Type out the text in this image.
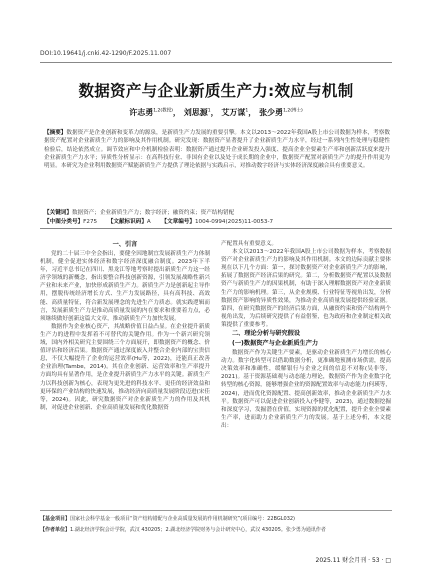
DOI:10.19641/j.cnki.42-1290/F.2025.11.007
数据资产与企业新质生产力:效应与机制
许志勇$^{1,2(教授)}$， 刘思源$^1$， 艾万谋$^1$， 张少勇$^{1,2(博士)}$
【摘要】数据资产是企业创新和变革力的源泉，是新质生产力发展的重要引擎。本文以2013～2022年我国A股上市公司数据为样本，考察数据资产配置对企业新质生产力的影响及其作用机制。研究发现：数据资产显著提升了企业新质生产力水平，经过一系列内生性处理与稳健性检验后，结论依然成立。调节效应和中介机制检验表明：数据资产通过提升企业研发投入强度、提高企业全要素生产率和创新活跃度来提升企业新质生产力水平；异质性分析显示：在高科技行业、非国有企业以及处于成长期的企业中，数据资产配置对新质生产力的提升作用更为明显。本研究为企业利用数据资产赋能新质生产力提供了理论依据与实践启示，对推动数字经济与实体经济深度融合具有重要意义。
【关键词】数据资产；企业新质生产力；数字经济；融资约束；资产结构错配
【中图分类号】F275 【文献标识码】A 【文章编号】1004-0994(2025)11-0053-7
一、引言

党的二十届三中全会指出，要健全因地制宜发展新质生产力体制机制，健全促进实体经济和数字经济深度融合制度。2023年下半年，习近平总书记在四川、黑龙江等地考察时提出新质生产力这一经济学领域的新概念，指出要整合科技创新资源，引领发展战略性新兴产业和未来产业，加快形成新质生产力。新质生产力是创新起主导作用，摆脱传统经济增长方式、生产力发展路径，具有高科技、高效能、高质量特征，符合新发展理念的先进生产力质态。就实践逻辑而言，发展新质生产力是推动高质量发展的内在要求和重要着力点，必须继续做好创新这篇大文章，推动新质生产力加快发展。

数据作为企业核心资产，其战略价值日益凸显。在企业提升新质生产力的进程中发挥着不可替代的关键作用。作为一个新兴研究领域，国内外相关研究主要围绕三个方面展开，即数据资产的概念、价值评估和经济后果。数据资产通过深度嵌入并整合企业内部的宝贵信息，不仅大幅提升了企业的运营效率(Hu等，2022)，还能真正改善企业治理(Tambe，2014)。其在企业创新、运营效率和生产率提升方面均具有显著作用，是企业提升新质生产力水平的关键。新质生产力以科技创新为核心，表现为更先进的科技水平、更佳的经济效益和更环保的产业结构的快速发展，推动经济向高质量发展阶段迈进(宋佳等，2024)。因此，研究数据资产对企业新质生产力的作用及其机制，对促进企业创新、企业高质量发展和优化数据资

产配置具有重要意义。

本文以2013～2022年我国A股上市公司数据为样本，考察数据资产对企业新质生产力的影响及其作用机制。本文的边际贡献主要体现在以下几个方面：第一，探讨数据资产对企业新质生产力的影响，拓展了数据资产经济后果的研究。第二，分析数据资产配置以及数据资产与新质生产力的因果机制，有助于深入理解数据资产对企业新质生产力的影响机理。第三，从企业规模、行业特征等视角出发，分析数据资产影响的异质性效果，为推动企业高质量发展提供经验证据。第四，在研究数据资产的经济后果方面，从融资约束和资产结构两个视角出发，为后续研究提供了有益借鉴，也为政府和企业制定相关政策提供了重要参考。

二、理论分析与研究假设
(一)数据资产与企业新质生产力

数据资产作为关键生产要素，是驱动企业新质生产力增长的核心动力。数字化转型可以借助数据分析，更准确地预测市场供需，提高决策效率和准确性，缓解银行与企业之间的信息不对称(吴非等，2021)。基于资源基础观与动态能力理论，数据资产作为企业数字化转型的核心资源，能够增强企业的资源配置效率与动态能力(何瑛等，2024)，进而优化资源配置、提高创新效率，推动企业新质生产力水平。数据资产可以促进企业创新投入(李健等，2023)，通过数据挖掘和深度学习，发掘潜在价值，实现资源的优化配置，提升企业全要素生产率，进而助力企业新质生产力的发展。基于上述分析，本文提出：

【基金项目】国家社会科学基金一般项目“资产结构错配与企业高质量发展的作用机制研究”(项目编号：22BGL032)
【作者单位】1.湖北经济学院会计学院，武汉 430205；2.湖北经济学院财务与会计研究中心，武汉 430205。张少勇为通讯作者
2025.11 财会月刊 · 53 · □
